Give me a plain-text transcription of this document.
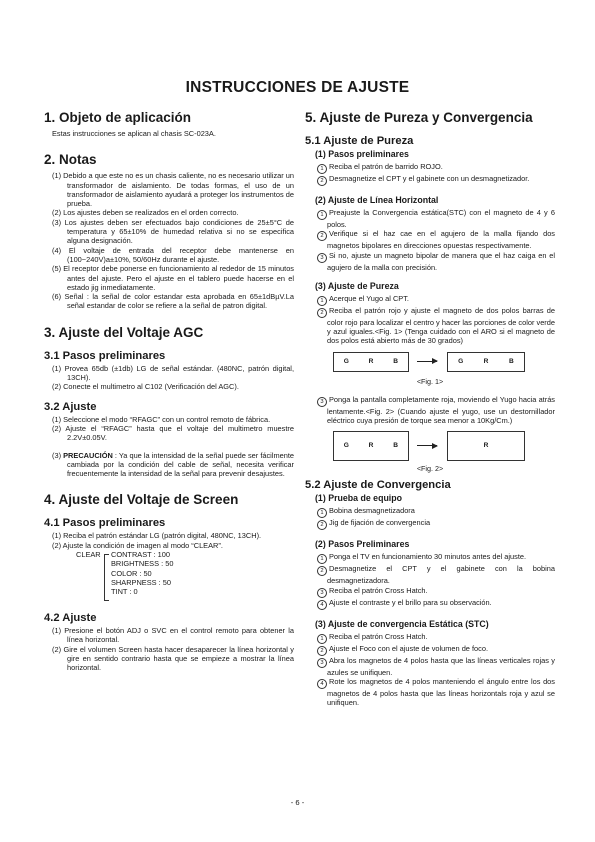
INSTRUCCIONES DE AJUSTE
1. Objeto de aplicación

Estas instrucciones se aplican al chasis SC-023A.

2. Notas
(1) Debido a que este no es un chasis caliente, no es necesario utilizar un transformador de aislamiento. De todas formas, el uso de un transformador de aislamiento ayudará a proteger los instrumentos de prueba.
(2) Los ajustes deben se realizados en el orden correcto.
(3) Los ajustes deben ser efectuados bajo condiciones de 25±5°C de temperatura y 65±10% de humedad relativa si no se especifica alguna designación.
(4) El voltaje de entrada del receptor debe mantenerse en (100~240V)a±10%, 50/60Hz durante el ajuste.
(5) El receptor debe ponerse en funcionamiento al rededor de 15 minutos antes del ajuste. Pero el ajuste en el tablero puede hacerse en el estado jig inmediatamente.
(6) Señal : la señal de color estandar esta aprobada en 65±1dBµV.La señal estandar de color se refiere a la señal de patron digital.
3. Ajuste del Voltaje AGC
3.1 Pasos preliminares
(1) Provea 65db (±1db) LG de señal estándar. (480NC, patrón digital, 13CH).
(2) Conecte el multimetro al C102 (Verificación del AGC).
3.2 Ajuste
(1) Seleccione el modo “RFAGC” con un control remoto de fábrica.
(2) Ajuste el “RFAGC” hasta que el voltaje del multimetro muestre 2.2V±0.05V.
(3) PRECAUCIÓN : Ya que la intensidad de la señal puede ser fácilmente cambiada por la condición del cable de señal, necesita verificar frecuentemente la intensidad de la señal para prevenir desajustes.
4. Ajuste del Voltaje de Screen
4.1 Pasos preliminares
(1) Reciba el patrón estándar LG (patrón digital, 480NC, 13CH).
(2) Ajuste la condición de imagen al modo “CLEAR”.
CLEAR CONTRAST : 100
BRIGHTNESS : 50
COLOR : 50
SHARPNESS : 50
TINT : 0
4.2 Ajuste
(1) Presione el botón ADJ o SVC en el control remoto para obtener la línea horizontal.
(2) Gire el volumen Screen hasta hacer desaparecer la línea horizontal y gire en sentido contrario hasta que se empieze a mostrar la línea horizontal.
5. Ajuste de Pureza y Convergencia
5.1 Ajuste de Pureza
(1) Pasos preliminares
1 Reciba el patrón de barrido ROJO.
2 Desmagnetize el CPT y el gabinete con un desmagnetizador.
(2) Ajuste de Línea Horizontal
1 Preajuste la Convergencia estática(STC) con el magneto de 4 y 6 polos.
2 Verifique si el haz cae en el agujero de la malla fijando dos magnetos bipolares en direcciones opuestas respectivamente.
3 Si no, ajuste un magneto bipolar de manera que el haz caiga en el agujero de la malla con precisión.
(3) Ajuste de Pureza
1 Acerque el Yugo al CPT.
2 Reciba el patrón rojo y ajuste el magneto de dos polos barras de color rojo para localizar el centro y hacer las porciones de color verde y azul iguales.<Fig. 1> (Tenga cuidado con el ARO si el magneto de dos polos está abierto más de 30 grados)
G	R	B	G	R	B
<Fig. 1>
3 Ponga la pantalla completamente roja, moviendo el Yugo hacia atrás lentamente.<Fig. 2> (Cuando ajuste el yugo, use un destornillador eléctrico cuya presión de torque sea menor a 10Kg/Cm.)
G	R	B	R
<Fig. 2>
5.2 Ajuste de Convergencia
(1) Prueba de equipo
1 Bobina desmagnetizadora
2 Jig de fijación de convergencia
(2) Pasos Preliminares
1 Ponga el TV en funcionamiento 30 minutos antes del ajuste.
2 Desmagnetize el CPT y el gabinete con la bobina desmagnetizadora.
3 Reciba el patrón Cross Hatch.
4 Ajuste el contraste y el brillo para su observación.
(3) Ajuste de convergencia Estática (STC)
1 Reciba el patrón Cross Hatch.
2 Ajuste el Foco con el ajuste de volumen de foco.
3 Abra los magnetos de 4 polos hasta que las líneas verticales rojas y azules se unifiquen.
4 Rote los magnetos de 4 polos manteniendo el ángulo entre los dos magnetos de 4 polos hasta que las líneas horizontals roja y azul se unifiquen.
- 6 -
